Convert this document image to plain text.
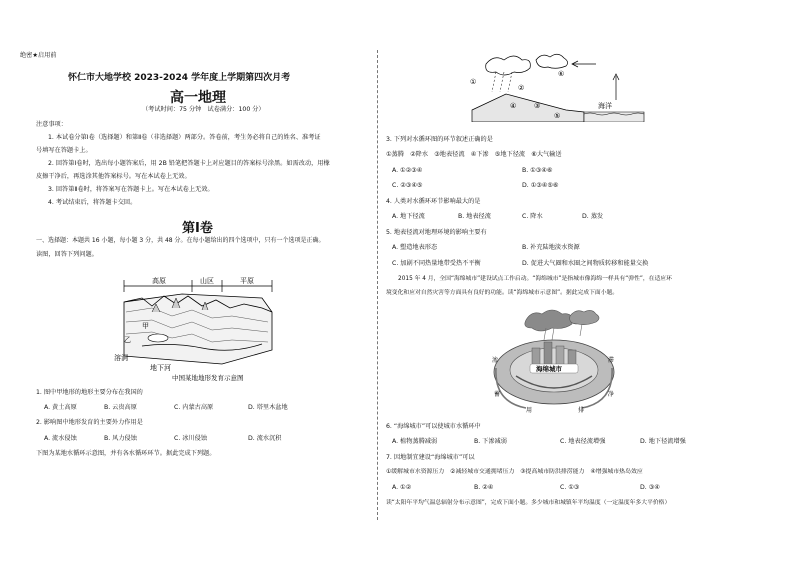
绝密★启用前
怀仁市大地学校 2023-2024 学年度上学期第四次月考
高一地理
（考试时间：75 分钟　试卷满分：100 分）
注意事项：
1. 本试卷分第Ⅰ卷（选择题）和第Ⅱ卷（非选择题）两部分。答卷前，考生务必将自己的姓名、准考证
号填写在答题卡上。
2. 回答第Ⅰ卷时，选出每小题答案后，用 2B 铅笔把答题卡上对应题目的答案标号涂黑。如需改动，用橡
皮擦干净后，再选涂其他答案标号。写在本试卷上无效。
3. 回答第Ⅱ卷时，将答案写在答题卡上。写在本试卷上无效。
4. 考试结束后，将答题卡交回。
第Ⅰ卷
一、选择题：本题共 16 小题，每小题 3 分，共 48 分。在每小题给出的四个选项中，只有一个选项是正确。
读图，回答下列问题。
高原	山区	平原
甲
乙
溶洞
地下河
中国某地地形发育示意图
1. 图中甲地形的地形主要分布在我国的
A. 黄土高原	B. 云贵高原	C. 内蒙古高原	D. 塔里木盆地
2. 影响图中地形发育的主要外力作用是
A. 流水侵蚀	B. 风力侵蚀	C. 冰川侵蚀	D. 流水沉积
下图为某地水循环示意图，并有各水循环环节。据此完成下列题。
①
②
③
④
⑤
⑥
海洋
3. 下列对水循环图的环节叙述正确的是
①蒸腾　②降水　③地表径流　④下渗　⑤地下径流　⑥大气输送
A. ①②③④	B. ①③④⑥
C. ②③④⑤	D. ①③④⑤⑥
4. 人类对水循环环节影响最大的是
A. 地下径流	B. 地表径流	C. 降水	D. 蒸发
5. 地表径流对地理环境的影响主要有
A. 塑造地表形态	B. 补充陆地淡水资源
C. 加剧不同热量地带受热不平衡	D. 促进大气圈和水圈之间物质转移和能量交换
2015 年 4 月，全国“海绵城市”建设试点工作启动。“海绵城市”是指城市像海绵一样具有“弹性”，在适应环
境变化和应对自然灾害等方面具有良好的功能。读“海绵城市示意图”。据此完成下面小题。
海绵城市
渗	滞
蓄	净
用	排
6. “海绵城市”可以使城市水循环中
A. 植物蒸腾减弱	B. 下渗减弱	C. 地表径流增强	D. 地下径流增强
7. 因地制宜建设“海绵城市”可以
①缓解城市水资源压力　②减轻城市交通拥堵压力　③提高城市防洪排涝能力　④增强城市热岛效应
A. ①②	B. ②④	C. ①③	D. ③④
读“太阳年平均气温总辐射分布示意图”，完成下面小题。多少城市和城镇年平均温度（一定温度年多大平价格）
